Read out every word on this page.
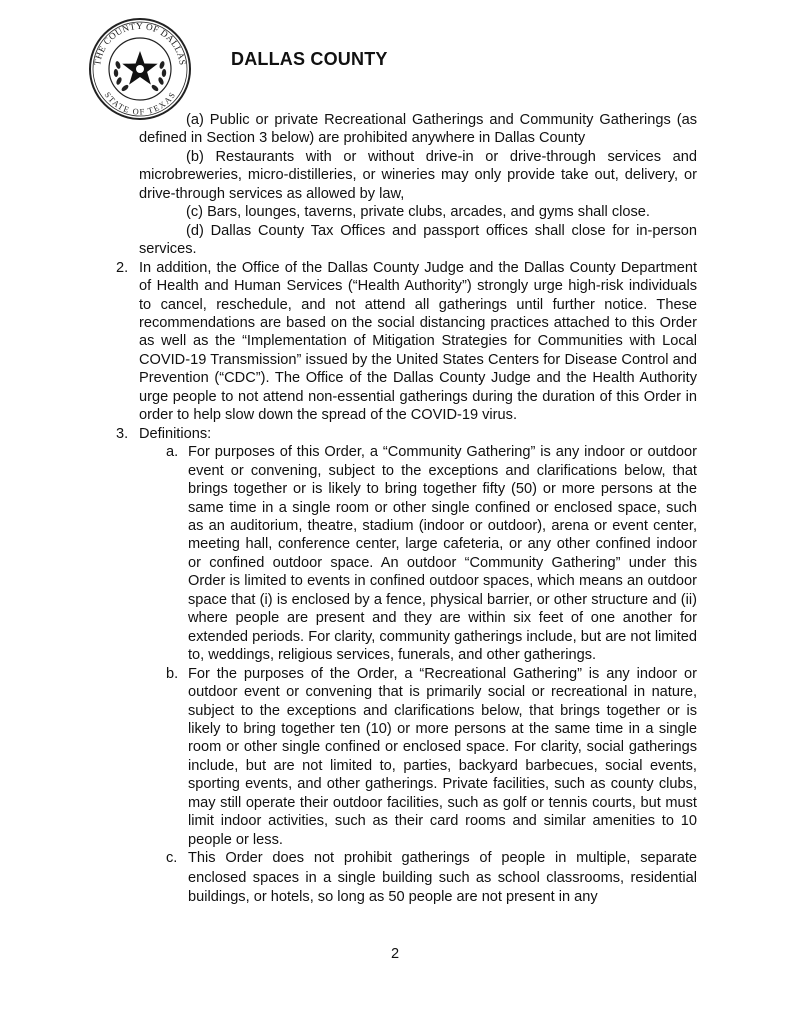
THE COUNTY OF DALLAS
STATE OF TEXAS
DALLAS COUNTY

(a) Public or private Recreational Gatherings and Community Gatherings (as defined in Section 3 below) are prohibited anywhere in Dallas County

(b) Restaurants with or without drive-in or drive-through services and microbreweries, micro-distilleries, or wineries may only provide take out, delivery, or drive-through services as allowed by law,

(c) Bars, lounges, taverns, private clubs, arcades, and gyms shall close.

(d) Dallas County Tax Offices and passport offices shall close for in-person services.

2. In addition, the Office of the Dallas County Judge and the Dallas County Department of Health and Human Services (“Health Authority”) strongly urge high-risk individuals to cancel, reschedule, and not attend all gatherings until further notice. These recommendations are based on the social distancing practices attached to this Order as well as the “Implementation of Mitigation Strategies for Communities with Local COVID-19 Transmission” issued by the United States Centers for Disease Control and Prevention (“CDC”). The Office of the Dallas County Judge and the Health Authority urge people to not attend non-essential gatherings during the duration of this Order in order to help slow down the spread of the COVID-19 virus.
3. Definitions:
a. For purposes of this Order, a “Community Gathering” is any indoor or outdoor event or convening, subject to the exceptions and clarifications below, that brings together or is likely to bring together fifty (50) or more persons at the same time in a single room or other single confined or enclosed space, such as an auditorium, theatre, stadium (indoor or outdoor), arena or event center, meeting hall, conference center, large cafeteria, or any other confined indoor or confined outdoor space. An outdoor “Community Gathering” under this Order is limited to events in confined outdoor spaces, which means an outdoor space that (i) is enclosed by a fence, physical barrier, or other structure and (ii) where people are present and they are within six feet of one another for extended periods. For clarity, community gatherings include, but are not limited to, weddings, religious services, funerals, and other gatherings.
b. For the purposes of the Order, a “Recreational Gathering” is any indoor or outdoor event or convening that is primarily social or recreational in nature, subject to the exceptions and clarifications below, that brings together or is likely to bring together ten (10) or more persons at the same time in a single room or other single confined or enclosed space. For clarity, social gatherings include, but are not limited to, parties, backyard barbecues, social events, sporting events, and other gatherings. Private facilities, such as county clubs, may still operate their outdoor facilities, such as golf or tennis courts, but must limit indoor activities, such as their card rooms and similar amenities to 10 people or less.
c. This Order does not prohibit gatherings of people in multiple, separate enclosed spaces in a single building such as school classrooms, residential buildings, or hotels, so long as 50 people are not present in any
2
